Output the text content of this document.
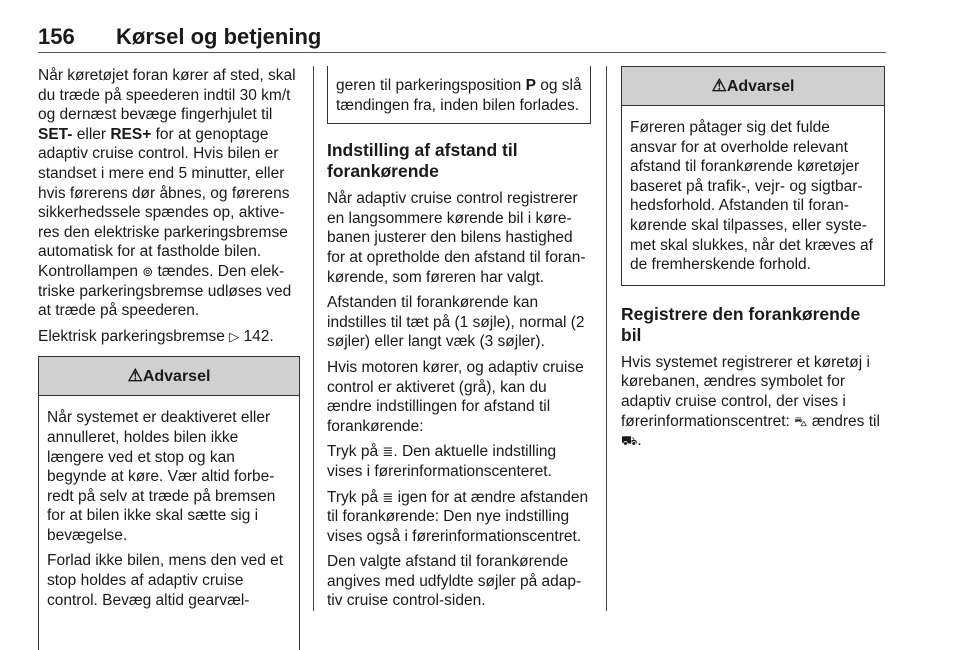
156 Kørsel og betjening

Når køretøjet foran kører af sted, skal du træde på speederen indtil 30 km/t og dernæst bevæge fingerhjulet til SET- eller RES+ for at genoptage adaptiv cruise control. Hvis bilen er standset i mere end 5 minutter, eller hvis førerens dør åbnes, og førerens sikkerhedssele spændes op, aktive-res den elektriske parkeringsbremse automatisk for at fastholde bilen. Kontrollampen ⊚ tændes. Den elek-triske parkeringsbremse udløses ved at træde på speederen.

Elektrisk parkeringsbremse ▷ 142.

⚠Advarsel

Når systemet er deaktiveret eller annulleret, holdes bilen ikke længere ved et stop og kan begynde at køre. Vær altid forbe-redt på selv at træde på bremsen for at bilen ikke skal sætte sig i bevægelse.

Forlad ikke bilen, mens den ved et stop holdes af adaptiv cruise control. Bevæg altid gearvæl-

geren til parkeringsposition P og slå tændingen fra, inden bilen forlades.

Indstilling af afstand til forankørende

Når adaptiv cruise control registrerer en langsommere kørende bil i køre-banen justerer den bilens hastighed for at opretholde den afstand til foran-kørende, som føreren har valgt.

Afstanden til forankørende kan indstilles til tæt på (1 søjle), normal (2 søjler) eller langt væk (3 søjler).

Hvis motoren kører, og adaptiv cruise control er aktiveret (grå), kan du ændre indstillingen for afstand til forankørende:

Tryk på ≣. Den aktuelle indstilling vises i førerinformationscenteret.

Tryk på ≣ igen for at ændre afstanden til forankørende: Den nye indstilling vises også i førerinformationscentret.

Den valgte afstand til forankørende angives med udfyldte søjler på adap-tiv cruise control-siden.

⚠Advarsel

Føreren påtager sig det fulde ansvar for at overholde relevant afstand til forankørende køretøjer baseret på trafik-, vejr- og sigtbar-hedsforhold. Afstanden til foran-kørende skal tilpasses, eller syste-met skal slukkes, når det kræves af de fremherskende forhold.

Registrere den forankørende bil

Hvis systemet registrerer et køretøj i kørebanen, ændres symbolet for adaptiv cruise control, der vises i førerinformationscentret: ⛍ ændres til ⛟.
